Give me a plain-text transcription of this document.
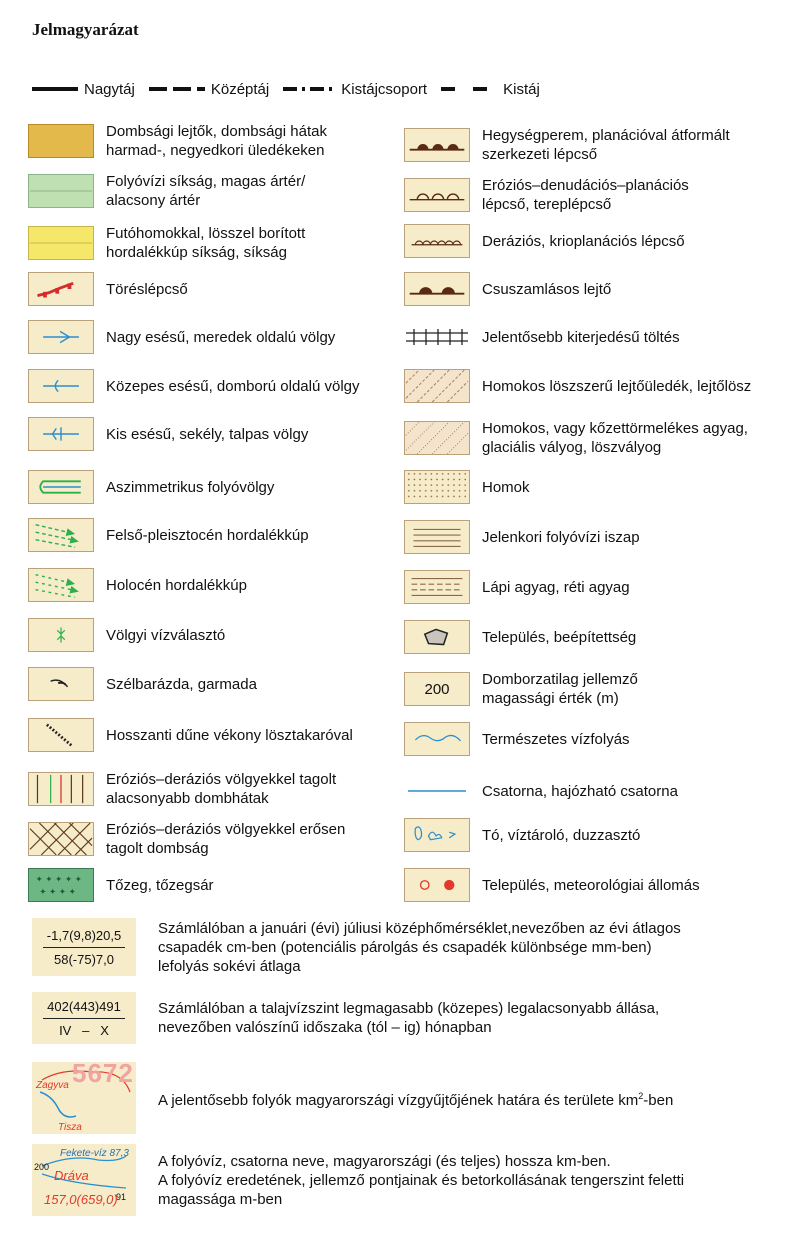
Jelmagyarázat
Nagytáj	Középtáj	Kistájcsoport	Kistáj
Dombsági lejtők, dombsági hátak
harmad-, negyedkori üledékeken
Folyóvízi síkság, magas ártér/
alacsony ártér
Futóhomokkal, lösszel borított
hordalékkúp síkság, síkság
Töréslépcső
Nagy esésű, meredek oldalú völgy
Közepes esésű, domború oldalú völgy
Kis esésű, sekély, talpas völgy
Aszimmetrikus folyóvölgy
Felső-pleisztocén hordalékkúp
Holocén hordalékkúp
Völgyi vízválasztó
Szélbarázda, garmada
Hosszanti dűne vékony lösztakaróval
Eróziós–deráziós völgyekkel tagolt
alacsonyabb dombhátak
Eróziós–deráziós völgyekkel erősen
tagolt dombság
✦ ✦ ✦ ✦ ✦
✦ ✦ ✦ ✦ Tőzeg, tőzegsár
Hegységperem, planációval átformált
szerkezeti lépcső
Eróziós–denudációs–planációs
lépcső, tereplépcső
Deráziós, krioplanációs lépcső
Csuszamlásos lejtő
Jelentősebb kiterjedésű töltés
Homokos löszszerű lejtőüledék, lejtőlösz
Homokos, vagy kőzettörmelékes agyag,
glaciális vályog, löszvályog
Homok
Jelenkori folyóvízi iszap
Lápi agyag, réti agyag
Település, beépítettség
200
Domborzatilag jellemző
magassági érték (m)
Természetes vízfolyás
Csatorna, hajózható csatorna
Tó, víztároló, duzzasztó
Település, meteorológiai állomás
$\frac{-1,7(9,8)20,5}{58(-75)7,0}$ Számlálóban a januári (évi) júliusi középhőmérséklet,nevezőben az évi átlagos
csapadék cm-ben (potenciális párolgás és csapadék különbsége mm-ben)
lefolyás sokévi átlaga
$\frac{402(443)491}{IV - X}$ Számlálóban a talajvízszint legmagasabb (közepes) legalacsonyabb állása,
nevezőben valószínű időszaka (tól – ig) hónapban
Zagyva 5672
Tisza
A jelentősebb folyók magyarországi vízgyűjtőjének határa és területe $km^2$-ben
Fekete-víz 87,3
200
Dráva
91
157,0(659,0)
A folyóvíz, csatorna neve, magyarországi (és teljes) hossza km-ben.
A folyóvíz eredetének, jellemző pontjainak és betorkollásának tengerszint feletti
magassága m-ben
